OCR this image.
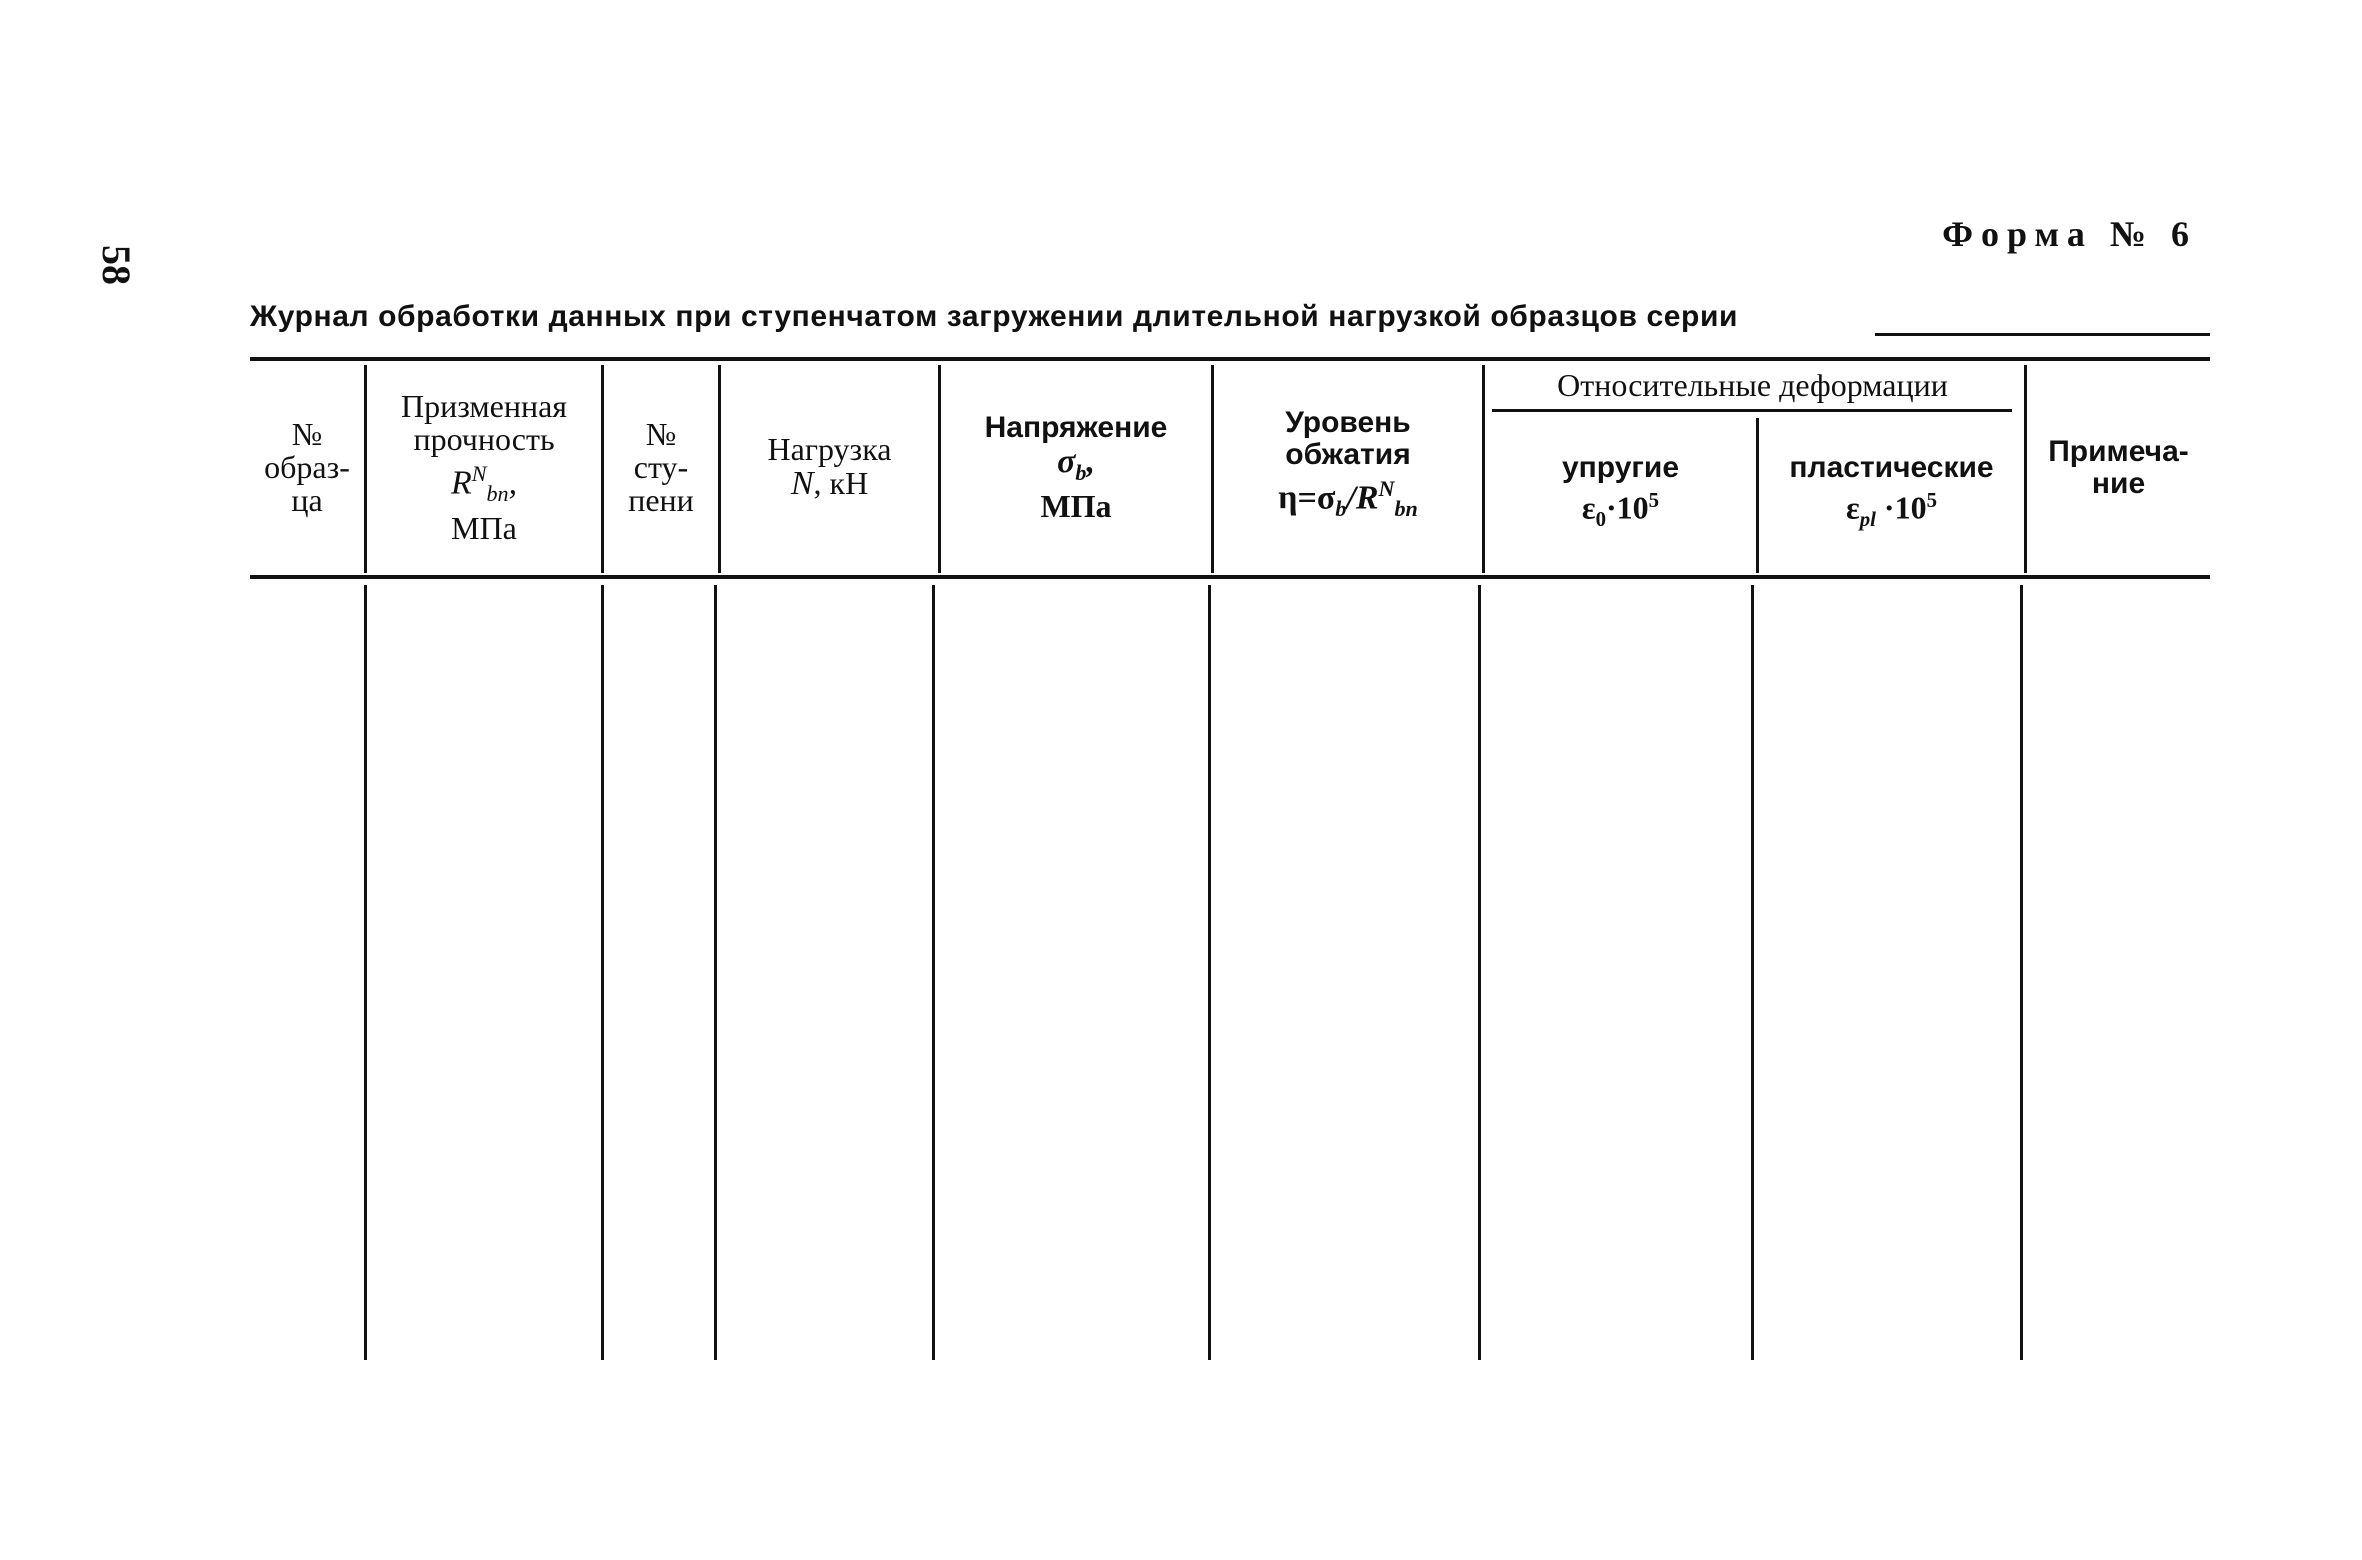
58
Форма № 6
Журнал обработки данных при ступенчатом загружении длительной нагрузкой образцов серии
№
образ-
ца
Призменная
прочность
$R^N_{bn}$,
МПа
№
сту-
пени
Нагрузка
N, кН
Напряжение
$\sigma_b$,
МПа
Уровень
обжатия
$\eta=\sigma_b/R^N_{bn}$
Относительные деформации
упругие
$\varepsilon_0\cdot 10^5$
пластические
$\varepsilon_{pl} \cdot 10^5$
Примеча-
ние
